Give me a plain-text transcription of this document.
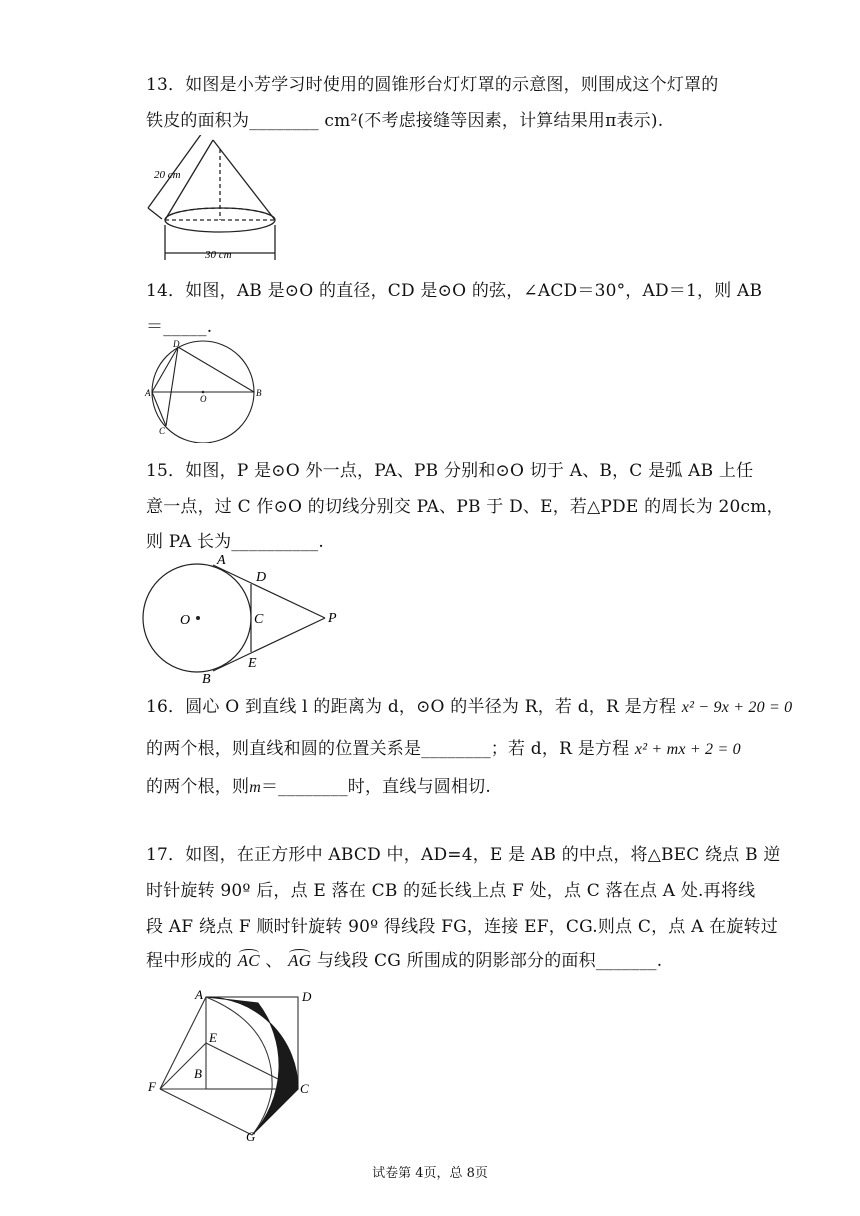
13．如图是小芳学习时使用的圆锥形台灯灯罩的示意图，则围成这个灯罩的
铁皮的面积为________ cm²(不考虑接缝等因素，计算结果用π表示).
20 cm
30 cm
14．如图，AB 是⊙O 的直径，CD 是⊙O 的弦，∠ACD＝30°，AD＝1，则 AB
＝_____.
D
A	B
O
C
15．如图，P 是⊙O 外一点，PA、PB 分别和⊙O 切于 A、B，C 是弧 AB 上任
意一点，过 C 作⊙O 的切线分别交 PA、PB 于 D、E，若△PDE 的周长为 20cm，
则 PA 长为__________.
A
D
C
O	P
E
B
16．圆心 O 到直线 l 的距离为 d，⊙O 的半径为 R，若 d，R 是方程 x² − 9x + 20 = 0
的两个根，则直线和圆的位置关系是________；若 d，R 是方程 x² + mx + 2 = 0
的两个根，则m＝________时，直线与圆相切.
17．如图，在正方形中 ABCD 中，AD=4，E 是 AB 的中点，将△BEC 绕点 B 逆
时针旋转 90º 后，点 E 落在 CB 的延长线上点 F 处，点 C 落在点 A 处.再将线
段 AF 绕点 F 顺时针旋转 90º 得线段 FG，连接 EF，CG.则点 C，点 A 在旋转过
程中形成的 AC 、 AG 与线段 CG 所围成的阴影部分的面积_______.
A	D
E
B
C
F
G
试卷第 4页，总 8页
